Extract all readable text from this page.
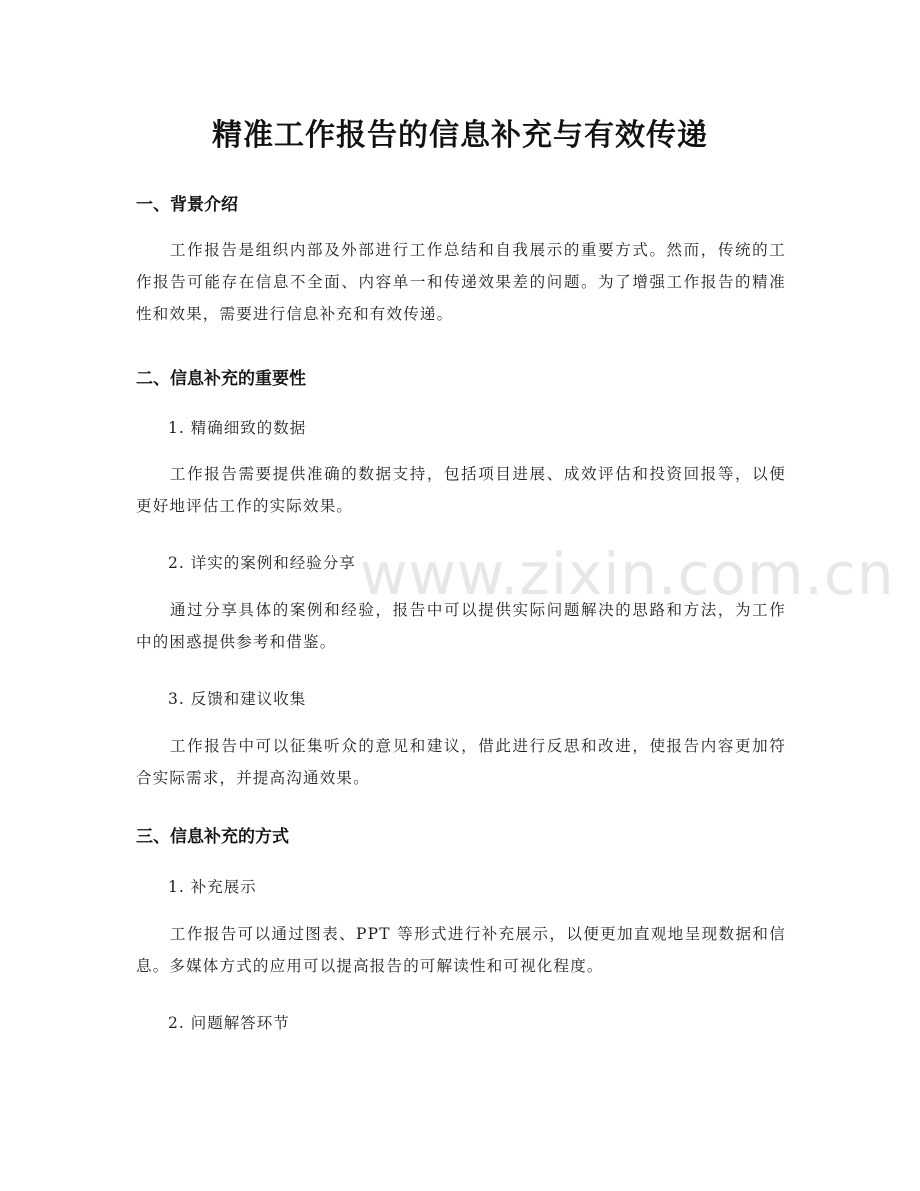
精准工作报告的信息补充与有效传递
www.zixin.com.cn
一、背景介绍

工作报告是组织内部及外部进行工作总结和自我展示的重要方式。然而，传统的工作报告可能存在信息不全面、内容单一和传递效果差的问题。为了增强工作报告的精准性和效果，需要进行信息补充和有效传递。

二、信息补充的重要性
1. 精确细致的数据

工作报告需要提供准确的数据支持，包括项目进展、成效评估和投资回报等，以便更好地评估工作的实际效果。

2. 详实的案例和经验分享

通过分享具体的案例和经验，报告中可以提供实际问题解决的思路和方法，为工作中的困惑提供参考和借鉴。

3. 反馈和建议收集

工作报告中可以征集听众的意见和建议，借此进行反思和改进，使报告内容更加符合实际需求，并提高沟通效果。

三、信息补充的方式
1. 补充展示

工作报告可以通过图表、PPT 等形式进行补充展示，以便更加直观地呈现数据和信息。多媒体方式的应用可以提高报告的可解读性和可视化程度。

2. 问题解答环节
